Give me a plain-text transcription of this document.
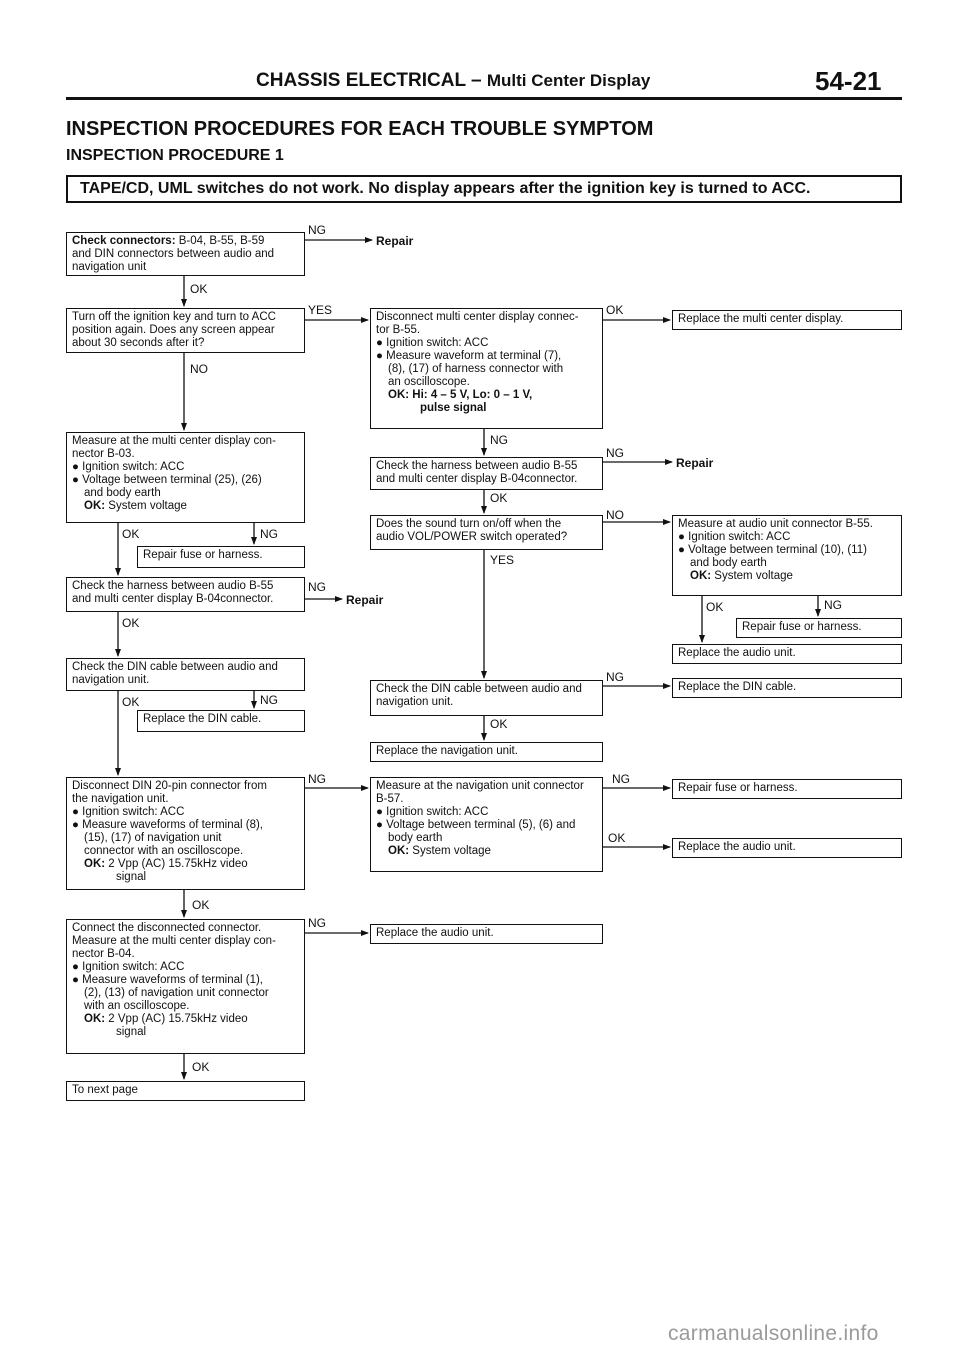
CHASSIS ELECTRICAL – Multi Center Display	54-21
INSPECTION PROCEDURES FOR EACH TROUBLE SYMPTOM
INSPECTION PROCEDURE 1
TAPE/CD, UML switches do not work. No display appears after the ignition key is turned to ACC.
Check connectors: B-04, B-55, B-59
and DIN connectors between audio and
navigation unit
NG
Repair
OK
Turn off the ignition key and turn to ACC
position again. Does any screen appear
about 30 seconds after it?
YES
NO
Disconnect multi center display connec-
tor B-55.
● Ignition switch: ACC
● Measure waveform at terminal (7),
(8), (17) of harness connector with
an oscilloscope.
OK: Hi: 4 – 5 V, Lo: 0 – 1 V,
pulse signal
OK
Replace the multi center display.
NG
Measure at the multi center display con-
nector B-03.
● Ignition switch: ACC
● Voltage between terminal (25), (26)
and body earth
OK: System voltage
Check the harness between audio B-55
and multi center display B-04connector.
NG
Repair
OK
Does the sound turn on/off when the
audio VOL/POWER switch operated?
NO
YES
Measure at audio unit connector B-55.
● Ignition switch: ACC
● Voltage between terminal (10), (11)
and body earth
OK: System voltage
OK	NG
Repair fuse or harness.
Check the harness between audio B-55
and multi center display B-04connector.
NG
Repair	OK	NG
Repair fuse or harness.
Replace the audio unit.
OK
Check the DIN cable between audio and
navigation unit.
OK	NG
Replace the DIN cable.
Check the DIN cable between audio and
navigation unit.
NG
Replace the DIN cable.
OK
Replace the navigation unit.
Disconnect DIN 20-pin connector from
the navigation unit.
● Ignition switch: ACC
● Measure waveforms of terminal (8),
(15), (17) of navigation unit
connector with an oscilloscope.
OK: 2 Vpp (AC) 15.75kHz video
signal
NG	Measure at the navigation unit connector
B-57.
● Ignition switch: ACC
● Voltage between terminal (5), (6) and
body earth
OK: System voltage
NG
Repair fuse or harness.
OK
Replace the audio unit.
OK
Connect the disconnected connector.
Measure at the multi center display con-
nector B-04.
● Ignition switch: ACC
● Measure waveforms of terminal (1),
(2), (13) of navigation unit connector
with an oscilloscope.
OK: 2 Vpp (AC) 15.75kHz video
signal
NG
Replace the audio unit.
OK
To next page
carmanualsonline.info
